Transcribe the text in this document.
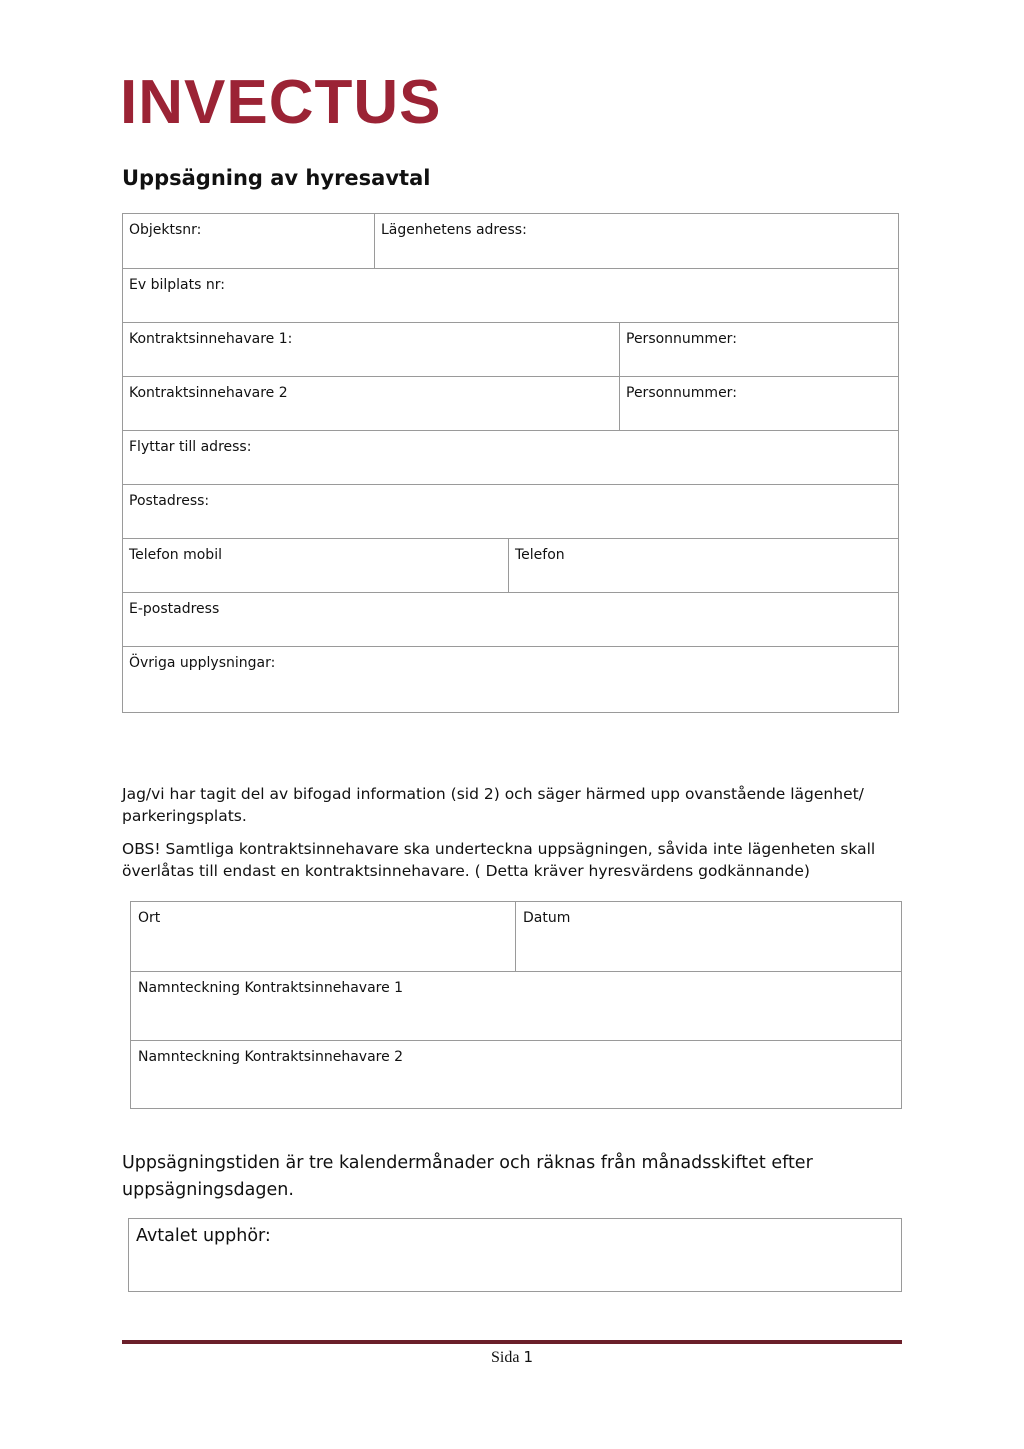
INVECTUS
Uppsägning av hyresavtal
Objektsnr:	Lägenhetens adress:
Ev bilplats nr:
Kontraktsinnehavare 1:	Personnummer:
Kontraktsinnehavare 2	Personnummer:
Flyttar till adress:
Postadress:
Telefon mobil	Telefon
E-postadress
Övriga upplysningar:
Jag/vi har tagit del av bifogad information (sid 2) och säger härmed upp ovanstående lägenhet/ parkeringsplats.
OBS! Samtliga kontraktsinnehavare ska underteckna uppsägningen, såvida inte lägenheten skall överlåtas till endast en kontraktsinnehavare. ( Detta kräver hyresvärdens godkännande)
Ort	Datum
Namnteckning Kontraktsinnehavare 1
Namnteckning Kontraktsinnehavare 2
Uppsägningstiden är tre kalendermånader och räknas från månadsskiftet efter uppsägningsdagen.
Avtalet upphör:
Sida 1
